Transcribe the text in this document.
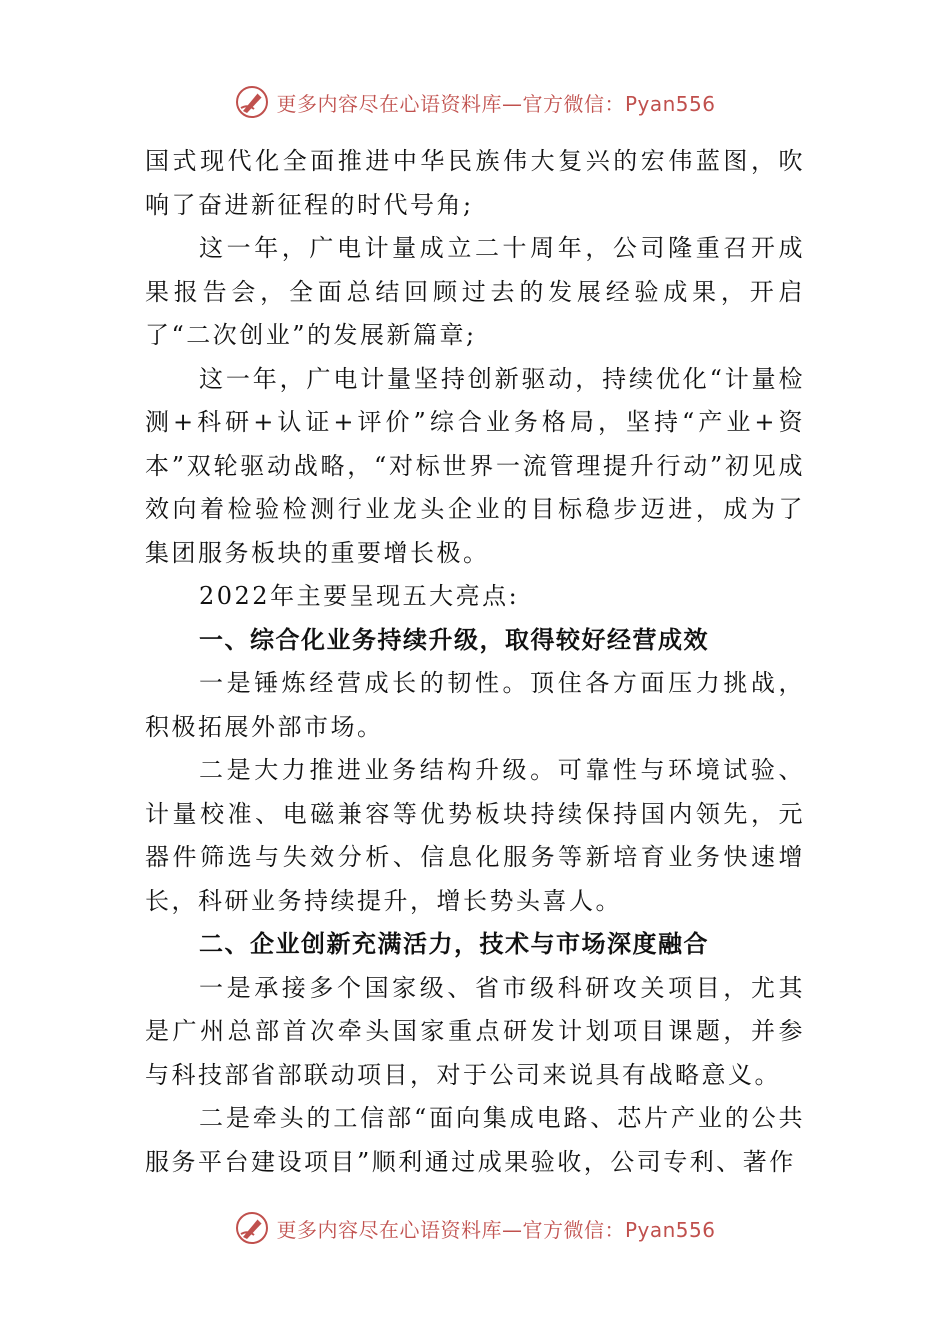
更多内容尽在心语资料库—官方微信：Pyan556

国式现代化全面推进中华民族伟大复兴的宏伟蓝图，吹响了奋进新征程的时代号角;

这一年，广电计量成立二十周年，公司隆重召开成果报告会，全面总结回顾过去的发展经验成果，开启了“二次创业”的发展新篇章;

这一年，广电计量坚持创新驱动，持续优化“计量检测+科研+认证+评价”综合业务格局，坚持“产业+资本”双轮驱动战略，“对标世界一流管理提升行动”初见成效向着检验检测行业龙头企业的目标稳步迈进，成为了集团服务板块的重要增长极。

2022年主要呈现五大亮点:

一、综合化业务持续升级，取得较好经营成效

一是锤炼经营成长的韧性。顶住各方面压力挑战，积极拓展外部市场。

二是大力推进业务结构升级。可靠性与环境试验、计量校准、电磁兼容等优势板块持续保持国内领先，元器件筛选与失效分析、信息化服务等新培育业务快速增长，科研业务持续提升，增长势头喜人。

二、企业创新充满活力，技术与市场深度融合

一是承接多个国家级、省市级科研攻关项目，尤其是广州总部首次牵头国家重点研发计划项目课题，并参与科技部省部联动项目，对于公司来说具有战略意义。

二是牵头的工信部“面向集成电路、芯片产业的公共服务平台建设项目”顺利通过成果验收，公司专利、著作

更多内容尽在心语资料库—官方微信：Pyan556
